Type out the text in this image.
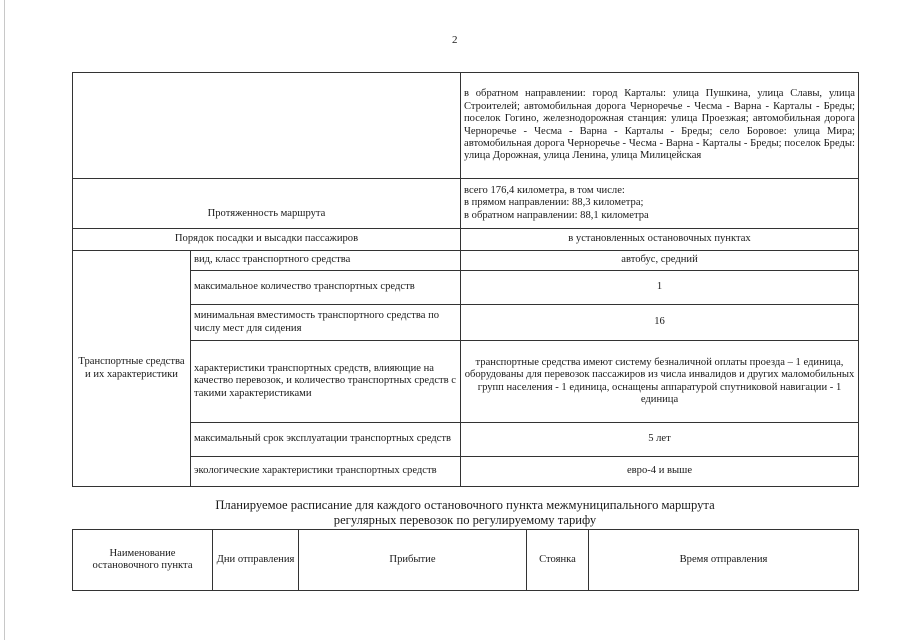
2
		в обратном направлении: город Карталы: улица Пушкина, улица Славы, улица Строителей; автомобильная дорога Черноречье - Чесма - Варна - Карталы - Бреды; поселок Гогино, железнодорожная станция: улица Проезжая; автомобильная дорога Черноречье - Чесма - Варна - Карталы - Бреды; село Боровое: улица Мира; автомобильная дорога Черноречье - Чесма - Варна - Карталы - Бреды; поселок Бреды: улица Дорожная, улица Ленина, улица Милицейская
Протяженность маршрута		всего 176,4 километра, в том числе:
в прямом направлении: 88,3 километра;
в обратном направлении: 88,1 километра

Порядок посадки и высадки пассажиров		в установленных остановочных пунктах
Транспортные средства и их характеристики	вид, класс транспортного средства	автобус, средний
	максимальное количество транспортных средств	1
	минимальная вместимость транспортного средства по числу мест для сидения	16
	характеристики транспортных средств, влияющие на качество перевозок, и количество транспортных средств с такими характеристиками	транспортные средства имеют систему безналичной оплаты проезда – 1 единица, оборудованы для перевозок пассажиров из числа инвалидов и других маломобильных групп населения - 1 единица, оснащены аппаратурой спутниковой навигации - 1 единица
	максимальный срок эксплуатации транспортных средств	5 лет
	экологические характеристики транспортных средств	евро-4 и выше
Планируемое расписание для каждого остановочного пункта межмуниципального маршрута
регулярных перевозок по регулируемому тарифу
Наименование остановочного пункта	Дни отправления	Прибытие	Стоянка	Время отправления
